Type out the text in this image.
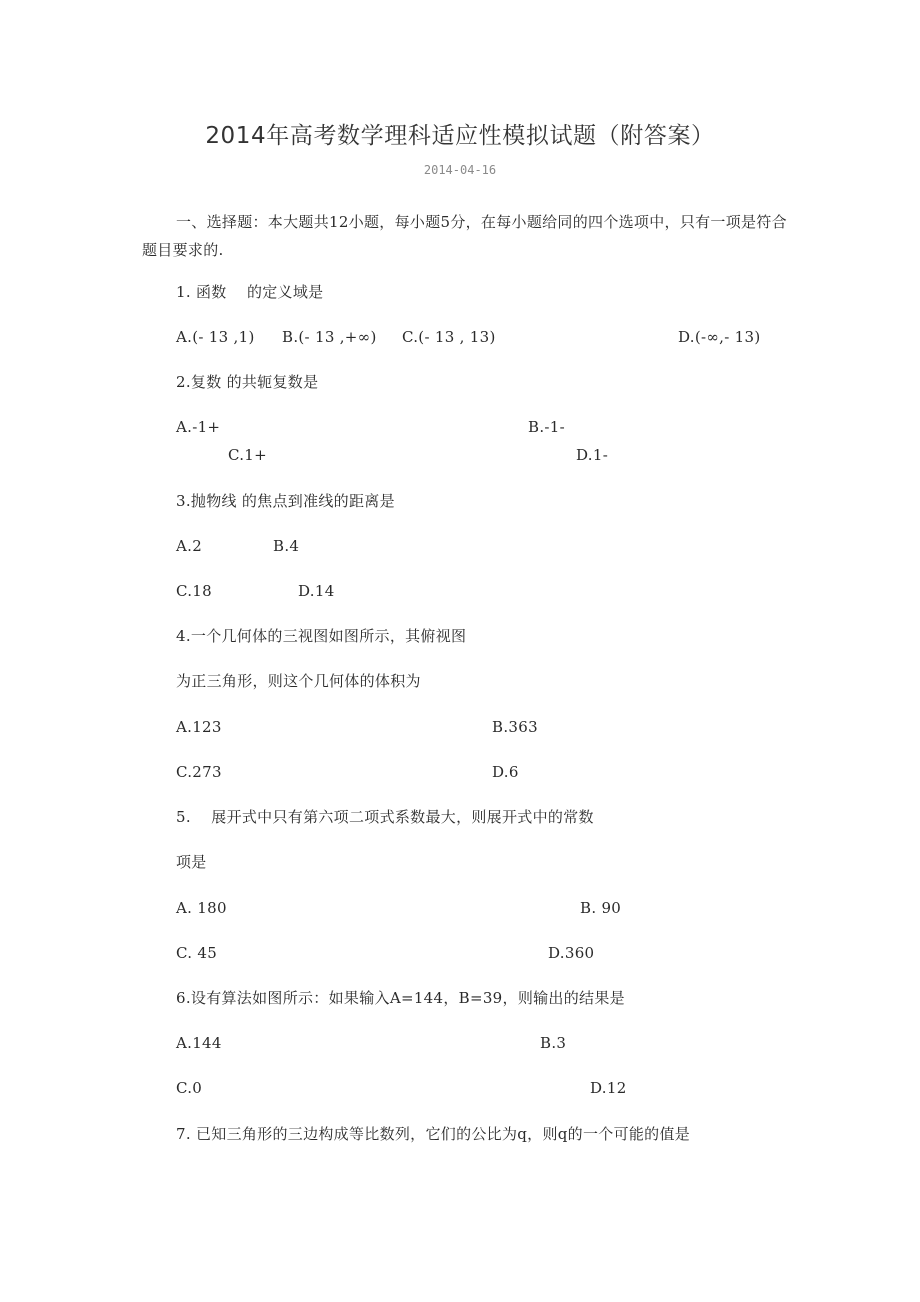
2014年高考数学理科适应性模拟试题（附答案）
2014-04-16
一、选择题：本大题共12小题，每小题5分，在每小题给同的四个选项中，只有一项是符合题目要求的.
1. 函数　 的定义域是
A.(- 13 ,1) B.(- 13 ,+∞) C.(- 13 , 13)	D.(-∞,- 13)
2.复数 的共轭复数是
A.-1+	B.-1-
C.1+	D.1-
3.抛物线 的焦点到准线的距离是
A.2	B.4
C.18	D.14
4.一个几何体的三视图如图所示，其俯视图
为正三角形，则这个几何体的体积为
A.123	B.363
C.273	D.6
5.　 展开式中只有第六项二项式系数最大，则展开式中的常数
项是
A. 180	B. 90
C. 45	D.360
6.设有算法如图所示：如果输入A=144，B=39，则输出的结果是
A.144	B.3
C.0	D.12
7. 已知三角形的三边构成等比数列，它们的公比为q，则q的一个可能的值是
